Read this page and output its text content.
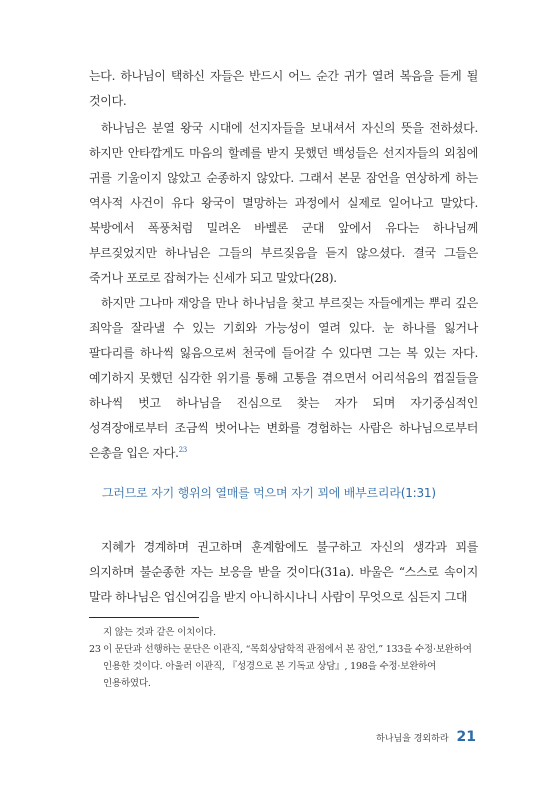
는다. 하나님이 택하신 자들은 반드시 어느 순간 귀가 열려 복음을 듣게 될 것이다.

하나님은 분열 왕국 시대에 선지자들을 보내셔서 자신의 뜻을 전하셨다. 하지만 안타깝게도 마음의 할례를 받지 못했던 백성들은 선지자들의 외침에 귀를 기울이지 않았고 순종하지 않았다. 그래서 본문 잠언을 연상하게 하는 역사적 사건이 유다 왕국이 멸망하는 과정에서 실제로 일어나고 말았다. 북방에서 폭풍처럼 밀려온 바벨론 군대 앞에서 유다는 하나님께 부르짖었지만 하나님은 그들의 부르짖음을 듣지 않으셨다. 결국 그들은 죽거나 포로로 잡혀가는 신세가 되고 말았다(28).

하지만 그나마 재앙을 만나 하나님을 찾고 부르짖는 자들에게는 뿌리 깊은 죄악을 잘라낼 수 있는 기회와 가능성이 열려 있다. 눈 하나를 잃거나 팔다리를 하나씩 잃음으로써 천국에 들어갈 수 있다면 그는 복 있는 자다. 예기하지 못했던 심각한 위기를 통해 고통을 겪으면서 어리석음의 껍질들을 하나씩 벗고 하나님을 진심으로 찾는 자가 되며 자기중심적인 성격장애로부터 조금씩 벗어나는 변화를 경험하는 사람은 하나님으로부터 은총을 입은 자다.$^{23}$

그러므로 자기 행위의 열매를 먹으며 자기 꾀에 배부르리라(1:31)

지혜가 경계하며 권고하며 훈계함에도 불구하고 자신의 생각과 꾀를 의지하며 불순종한 자는 보응을 받을 것이다(31a). 바울은 “스스로 속이지 말라 하나님은 업신여김을 받지 아니하시나니 사람이 무엇으로 심든지 그대

지 않는 것과 같은 이치이다.
23 이 문단과 선행하는 문단은 이관직, “목회상담학적 관점에서 본 잠언,” 133을 수정·보완하여 인용한 것이다. 아울러 이관직, 『성경으로 본 기독교 상담』, 198을 수정·보완하여 인용하였다.
하나님을 경외하라 21
